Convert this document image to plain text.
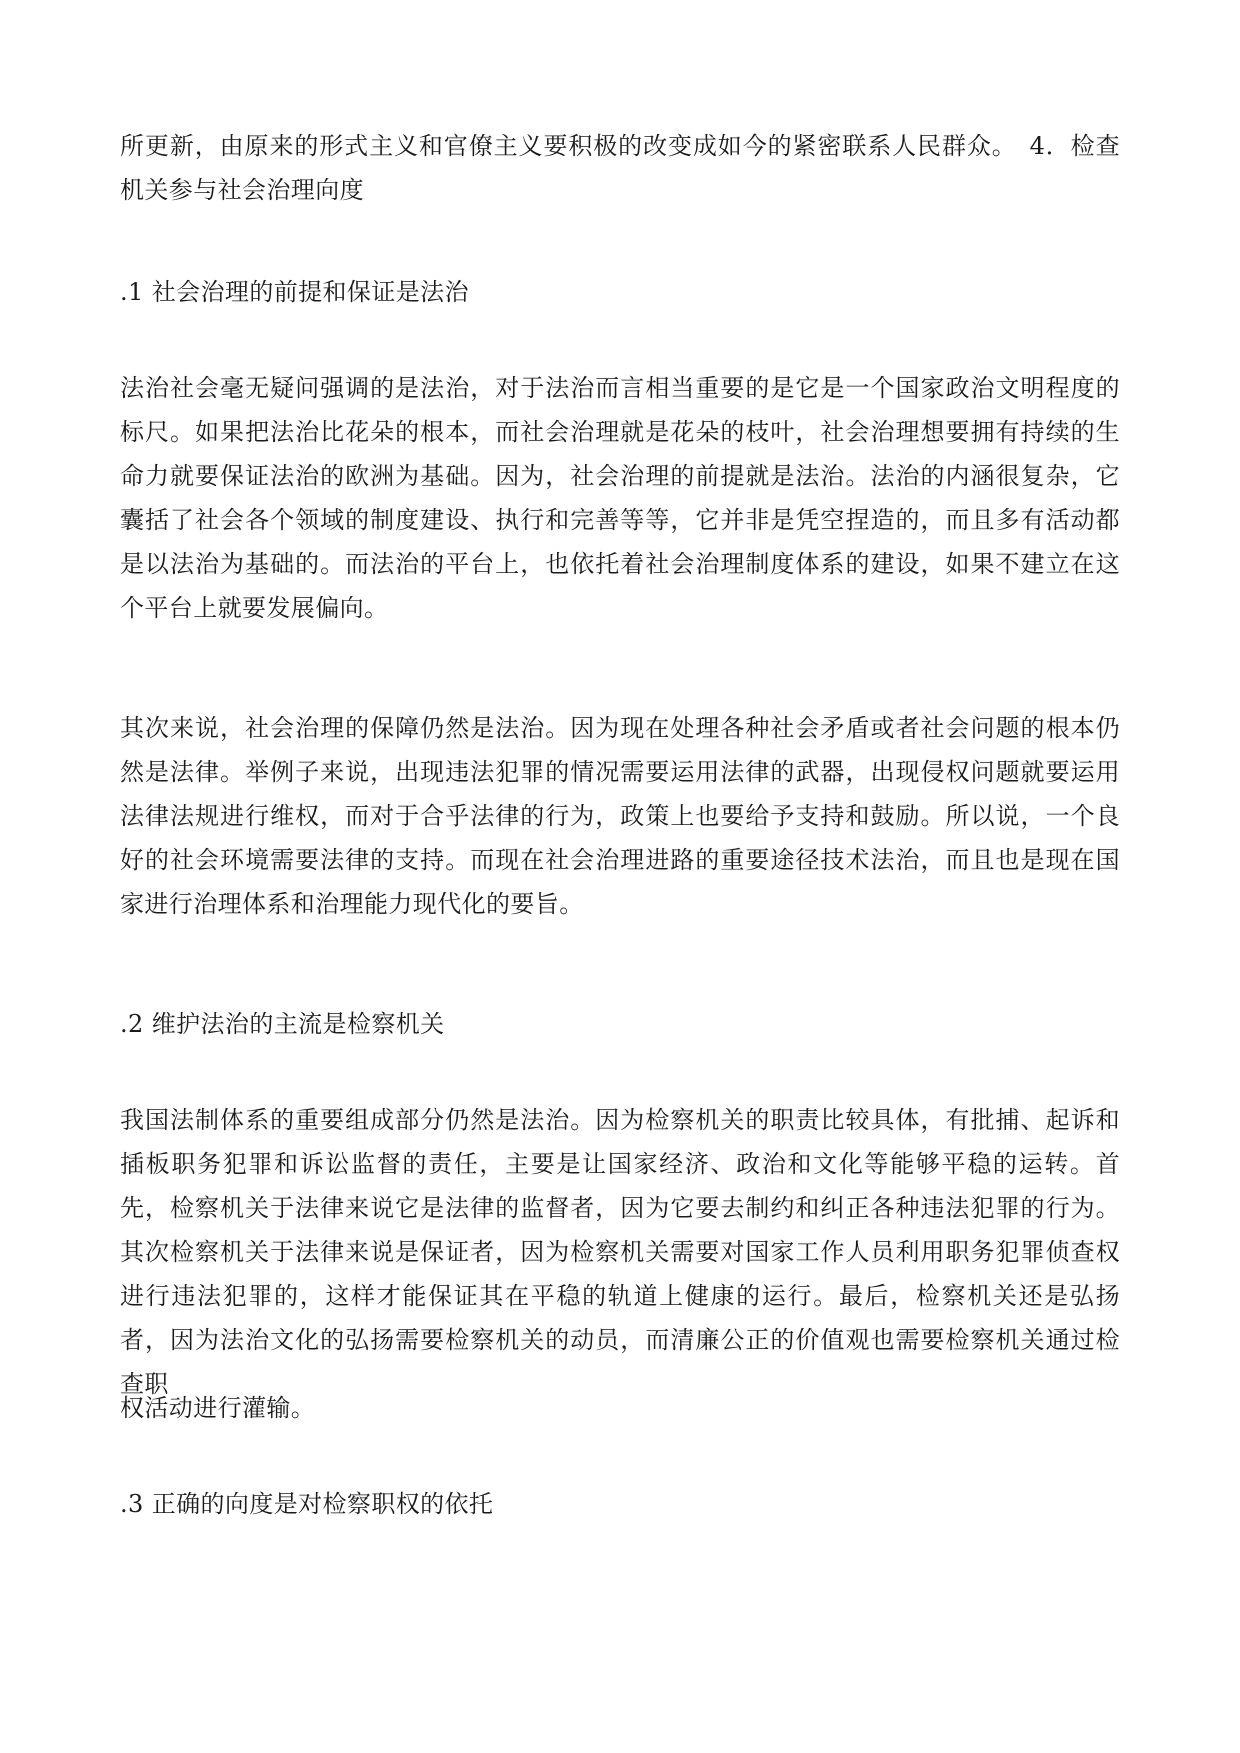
所更新，由原来的形式主义和官僚主义要积极的改变成如今的紧密联系人民群众。　4．检查机关参与社会治理向度

.1 社会治理的前提和保证是法治

法治社会毫无疑问强调的是法治，对于法治而言相当重要的是它是一个国家政治文明程度的标尺。如果把法治比花朵的根本，而社会治理就是花朵的枝叶，社会治理想要拥有持续的生命力就要保证法治的欧洲为基础。因为，社会治理的前提就是法治。法治的内涵很复杂，它囊括了社会各个领域的制度建设、执行和完善等等，它并非是凭空捏造的，而且多有活动都是以法治为基础的。而法治的平台上，也依托着社会治理制度体系的建设，如果不建立在这个平台上就要发展偏向。

其次来说，社会治理的保障仍然是法治。因为现在处理各种社会矛盾或者社会问题的根本仍然是法律。举例子来说，出现违法犯罪的情况需要运用法律的武器，出现侵权问题就要运用法律法规进行维权，而对于合乎法律的行为，政策上也要给予支持和鼓励。所以说，一个良好的社会环境需要法律的支持。而现在社会治理进路的重要途径技术法治，而且也是现在国家进行治理体系和治理能力现代化的要旨。

.2 维护法治的主流是检察机关

我国法制体系的重要组成部分仍然是法治。因为检察机关的职责比较具体，有批捕、起诉和插板职务犯罪和诉讼监督的责任，主要是让国家经济、政治和文化等能够平稳的运转。首先，检察机关于法律来说它是法律的监督者，因为它要去制约和纠正各种违法犯罪的行为。其次检察机关于法律来说是保证者，因为检察机关需要对国家工作人员利用职务犯罪侦查权进行违法犯罪的，这样才能保证其在平稳的轨道上健康的运行。最后，检察机关还是弘扬者，因为法治文化的弘扬需要检察机关的动员，而清廉公正的价值观也需要检察机关通过检查职

权活动进行灌输。

.3 正确的向度是对检察职权的依托
